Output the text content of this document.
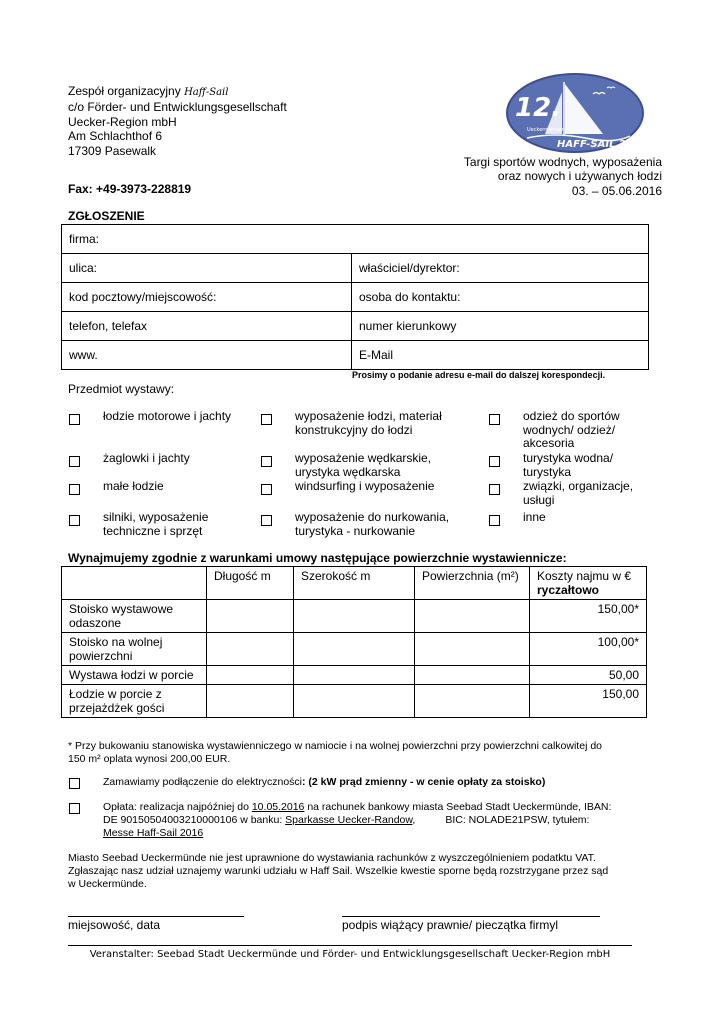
Zespół organizacyjny Haff-Sail
c/o Förder- und Entwicklungsgesellschaft
Uecker-Region mbH
Am Schlachthof 6
17309 Pasewalk
12.
Ueckermünder
HAFF-SAIL 2016
Targi sportów wodnych, wyposażenia
oraz nowych i używanych łodzi
03. – 05.06.2016
Fax: +49-3973-228819
ZGŁOSZENIE
firma:	
ulica:	właściciel/dyrektor:
kod pocztowy/miejscowość:	osoba do kontaktu:
telefon, telefax	numer kierunkowy
www.	E-Mail
Prosimy o podanie adresu e-mail do dalszej korespondecji.
Przedmiot wystawy:
łodzie motorowe i jachty
żaglowki i jachty
małe łodzie
silniki, wyposażenie
techniczne i sprzęt
wyposażenie łodzi, materiał
konstrukcyjny do łodzi
wyposażenie wędkarskie,
urystyka wędkarska
windsurfing i wyposażenie
wyposażenie do nurkowania,
turystyka - nurkowanie
odzież do sportów
wodnych/ odzież/
akcesoria
turystyka wodna/
turystyka
związki, organizacje,
usługi
inne
Wynajmujemy zgodnie z warunkami umowy następujące powierzchnie wystawiennicze:
	Długość m	Szerokość m	Powierzchnia (m²)	Koszty najmu w €
ryczałtowo

Stoisko wystawowe
odaszone				150,00*

Stoisko na wolnej
powierzchni				100,00*

Wystawa łodzi w porcie				50,00

Łodzie w porcie z
przejażdżek gości				150,00
* Przy bukowaniu stanowiska wystawienniczego w namiocie i na wolnej powierzchni przy powierzchni calkowitej do
150 m² oplata wynosi 200,00 EUR.
Zamawiamy podłączenie do elektryczności: (2 kW prąd zmienny - w cenie opłaty za stoisko)
Opłata: realizacja najpóźniej do 10.05.2016 na rachunek bankowy miasta Seebad Stadt Ueckermünde, IBAN:
DE 90150504003210000106 w banku: Sparkasse Uecker-Randow,	BIC: NOLADE21PSW, tytułem:
Messe Haff-Sail 2016
Miasto Seebad Ueckermünde nie jest uprawnione do wystawiania rachunków z wyszczególnieniem podatktu VAT.
Zgłaszając nasz udział uznajemy warunki udziału w Haff Sail. Wszelkie kwestie sporne będą rozstrzygane przez sąd
w Ueckermünde.
miejsowość, data	podpis wiążący prawnie/ pieczątka firmyl
Veranstalter: Seebad Stadt Ueckermünde und Förder- und Entwicklungsgesellschaft Uecker-Region mbH
